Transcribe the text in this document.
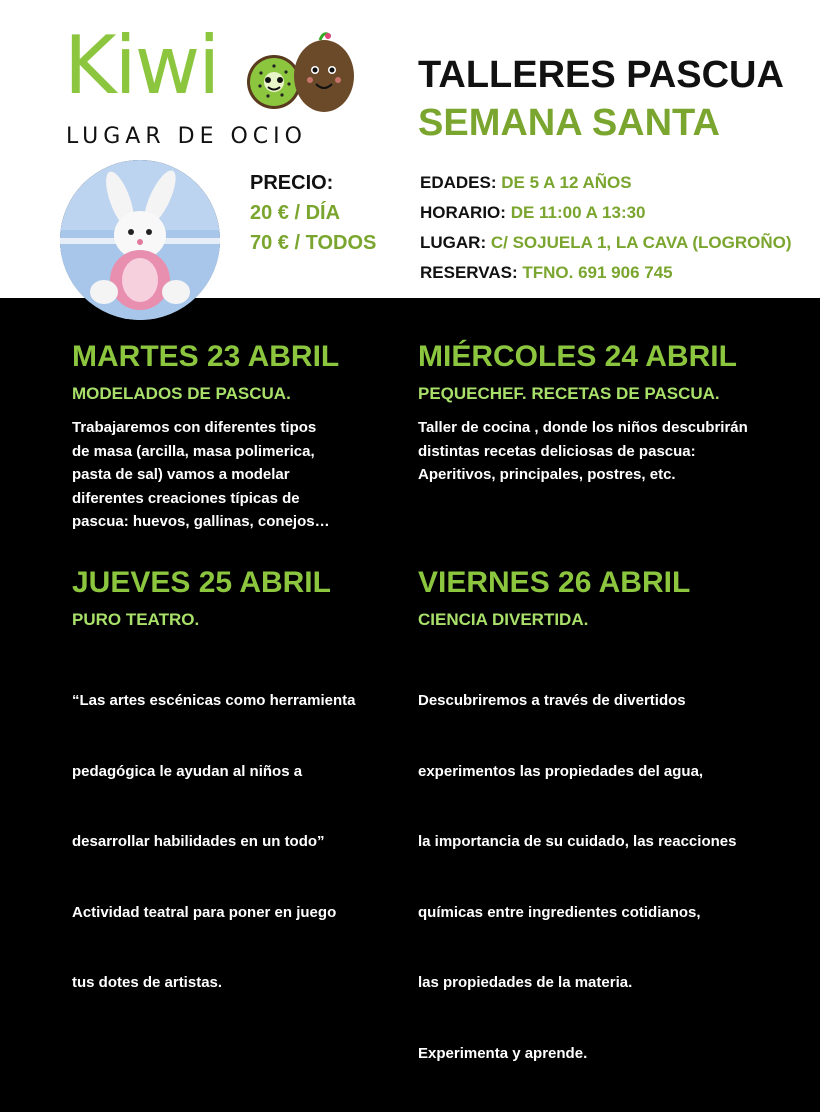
Kiwi
LUGAR DE OCIO
PRECIO:
20 € / DÍA
70 € / TODOS
TALLERES PASCUA
SEMANA SANTA
EDADES: DE 5 A 12 AÑOS
HORARIO: DE 11:00 A 13:30
LUGAR: C/ SOJUELA 1, LA CAVA (LOGROÑO)
RESERVAS: TFNO. 691 906 745
MARTES 23 ABRIL
MODELADOS DE PASCUA.
Trabajaremos con diferentes tipos
de masa (arcilla, masa polimerica,
pasta de sal) vamos a modelar
diferentes creaciones típicas de
pascua: huevos, gallinas, conejos…
MIÉRCOLES 24 ABRIL
PEQUECHEF. RECETAS DE PASCUA.
Taller de cocina , donde los niños descubrirán
distintas recetas deliciosas de pascua:
Aperitivos, principales, postres, etc.
JUEVES 25 ABRIL
PURO TEATRO.

“Las artes escénicas como herramienta

pedagógica le ayudan al niños a

desarrollar habilidades en un todo”

Actividad teatral para poner en juego

tus dotes de artistas.

VIERNES 26 ABRIL
CIENCIA DIVERTIDA.

Descubriremos a través de divertidos

experimentos las propiedades del agua,

la importancia de su cuidado, las reacciones

químicas entre ingredientes cotidianos,

las propiedades de la materia.

Experimenta y aprende.
